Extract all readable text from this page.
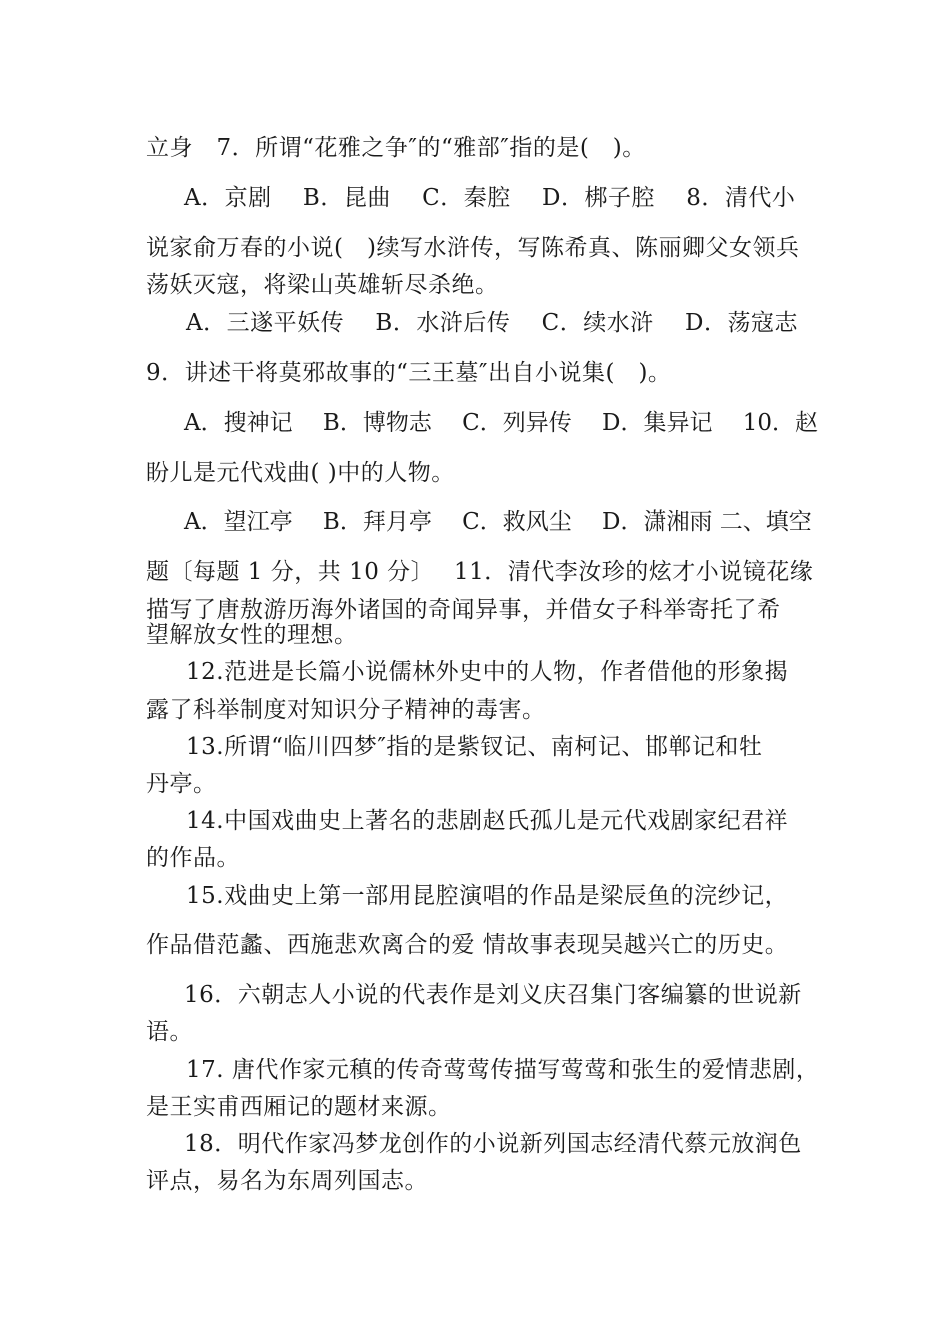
立身　7．所谓“花雅之争″的“雅部″指的是(　)。

A．京剧　 B．昆曲　 C．秦腔　 D．梆子腔　 8．清代小

说家俞万春的小说(　)续写水浒传，写陈希真、陈丽卿父女领兵

荡妖灭寇，将梁山英雄斩尽杀绝。

A．三遂平妖传　 B．水浒后传　 C．续水浒　 D．荡寇志

9．讲述干将莫邪故事的“三王墓″出自小说集(　)。

A．搜神记　 B．博物志　 C．列异传　 D．集异记　 10．赵

盼儿是元代戏曲( )中的人物。

A．望江亭　 B．拜月亭　 C．救风尘　 D．潇湘雨 二、填空

题〔每题 1 分，共 10 分〕　 11．清代李汝珍的炫才小说镜花缘

描写了唐敖游历海外诸国的奇闻异事，并借女子科举寄托了希

望解放女性的理想。

12.范进是长篇小说儒林外史中的人物，作者借他的形象揭

露了科举制度对知识分子精神的毒害。

13.所谓“临川四梦″指的是紫钗记、南柯记、邯郸记和牡

丹亭。

14.中国戏曲史上著名的悲剧赵氏孤儿是元代戏剧家纪君祥

的作品。

15.戏曲史上第一部用昆腔演唱的作品是梁辰鱼的浣纱记，

作品借范蠡、西施悲欢离合的爱 情故事表现吴越兴亡的历史。

16．六朝志人小说的代表作是刘义庆召集门客编纂的世说新

语。

17. 唐代作家元稹的传奇莺莺传描写莺莺和张生的爱情悲剧，

是王实甫西厢记的题材来源。

18．明代作家冯梦龙创作的小说新列国志经清代蔡元放润色

评点，易名为东周列国志。
